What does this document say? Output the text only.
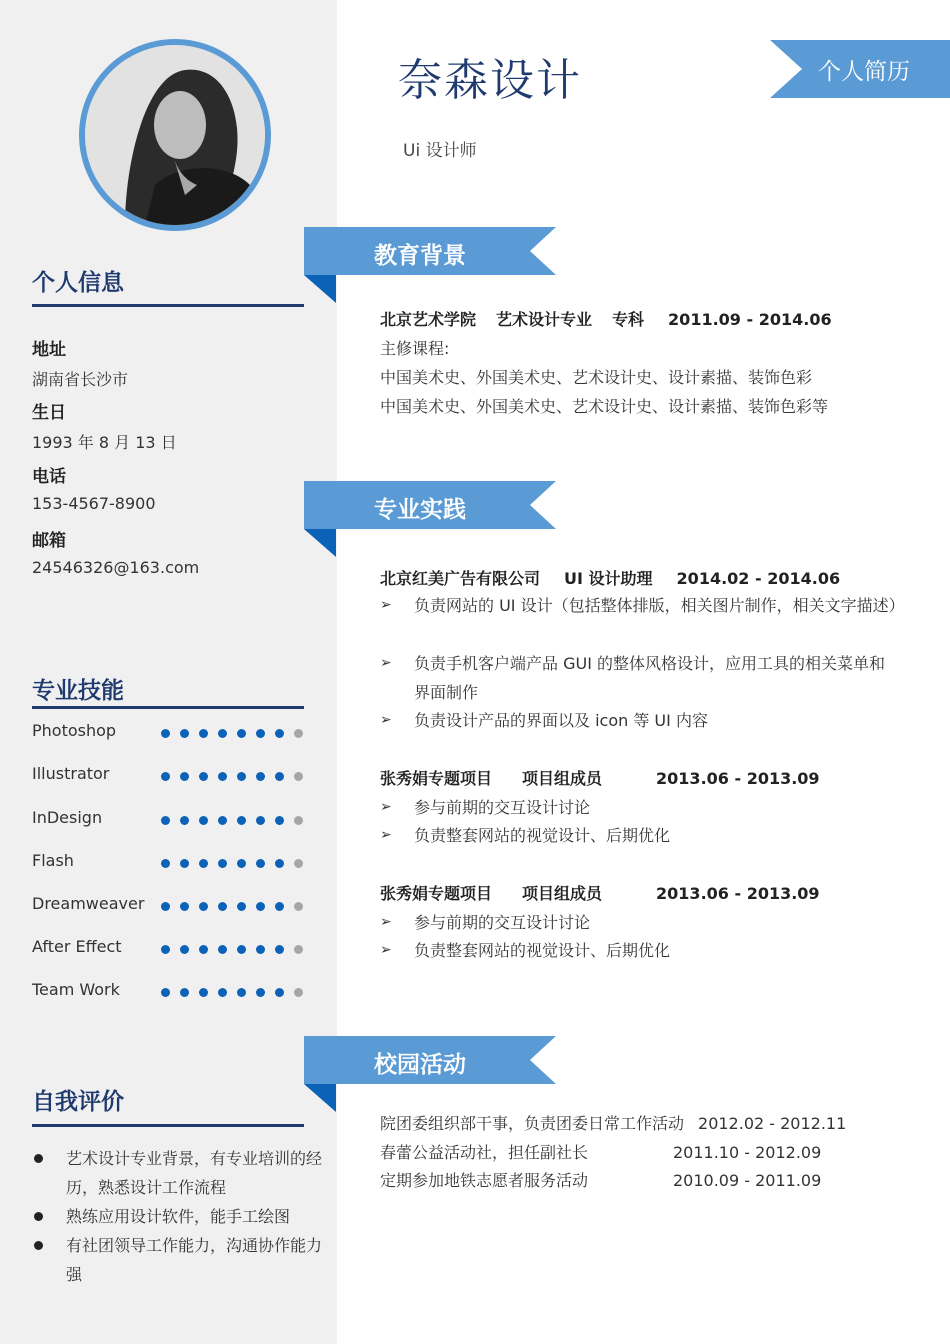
个人信息
地址
湖南省长沙市
生日
1993 年 8 月 13 日
电话
153-4567-8900
邮箱
24546326@163.com
专业技能
Photoshop
Illustrator
InDesign
Flash
Dreamweaver
After Effect
Team Work
自我评价
艺术设计专业背景，有专业培训的经历，熟悉设计工作流程
熟练应用设计软件，能手工绘图
有社团领导工作能力，沟通协作能力强
奈森设计
Ui 设计师
个人简历
教育背景
北京艺术学院 艺术设计专业 专科 2011.09 - 2014.06
主修课程:
中国美术史、外国美术史、艺术设计史、设计素描、装饰色彩
中国美术史、外国美术史、艺术设计史、设计素描、装饰色彩等
专业实践
北京红美广告有限公司 UI 设计助理 2014.02 - 2014.06
➢	负责网站的 UI 设计（包括整体排版，相关图片制作，相关文字描述）
➢	负责手机客户端产品 GUI 的整体风格设计，应用工具的相关菜单和界面制作
➢	负责设计产品的界面以及 icon 等 UI 内容
张秀娟专题项目 项目组成员	2013.06 - 2013.09
➢	参与前期的交互设计讨论
➢	负责整套网站的视觉设计、后期优化
张秀娟专题项目 项目组成员	2013.06 - 2013.09
➢	参与前期的交互设计讨论
➢	负责整套网站的视觉设计、后期优化
校园活动
院团委组织部干事，负责团委日常工作活动 2012.02 - 2012.11
春蕾公益活动社，担任副社长	2011.10 - 2012.09
定期参加地铁志愿者服务活动	2010.09 - 2011.09
